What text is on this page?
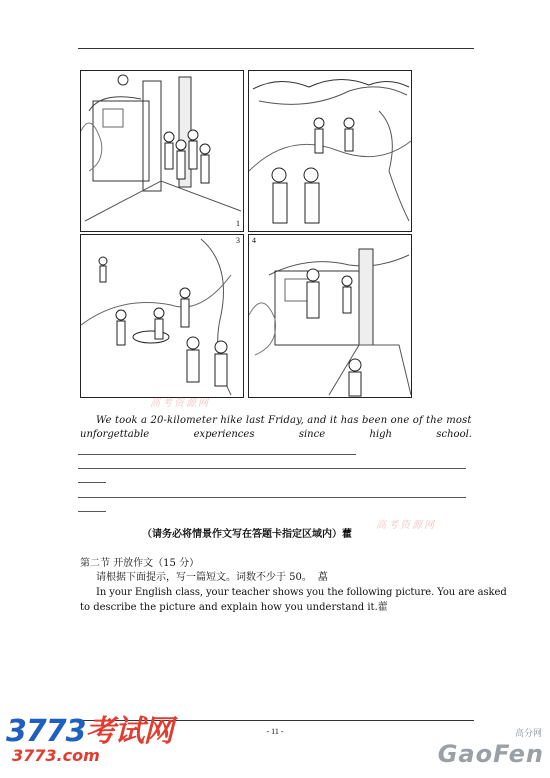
1
3 4
高考资源网
We took a 20-kilometer hike last Friday, and it has been one of the most
unforgettable	experiences	since	high	school.
（请务必将情景作文写在答题卡指定区域内）藿
高考资源网
第二节 开放作文（15 分）
请根据下面提示，写一篇短文。词数不少于 50。 藠
In your English class, your teacher shows you the following picture. You are asked
to describe the picture and explain how you understand it.藿
- 11 -
3773考试网
3773.com
高分网
GaoFen
